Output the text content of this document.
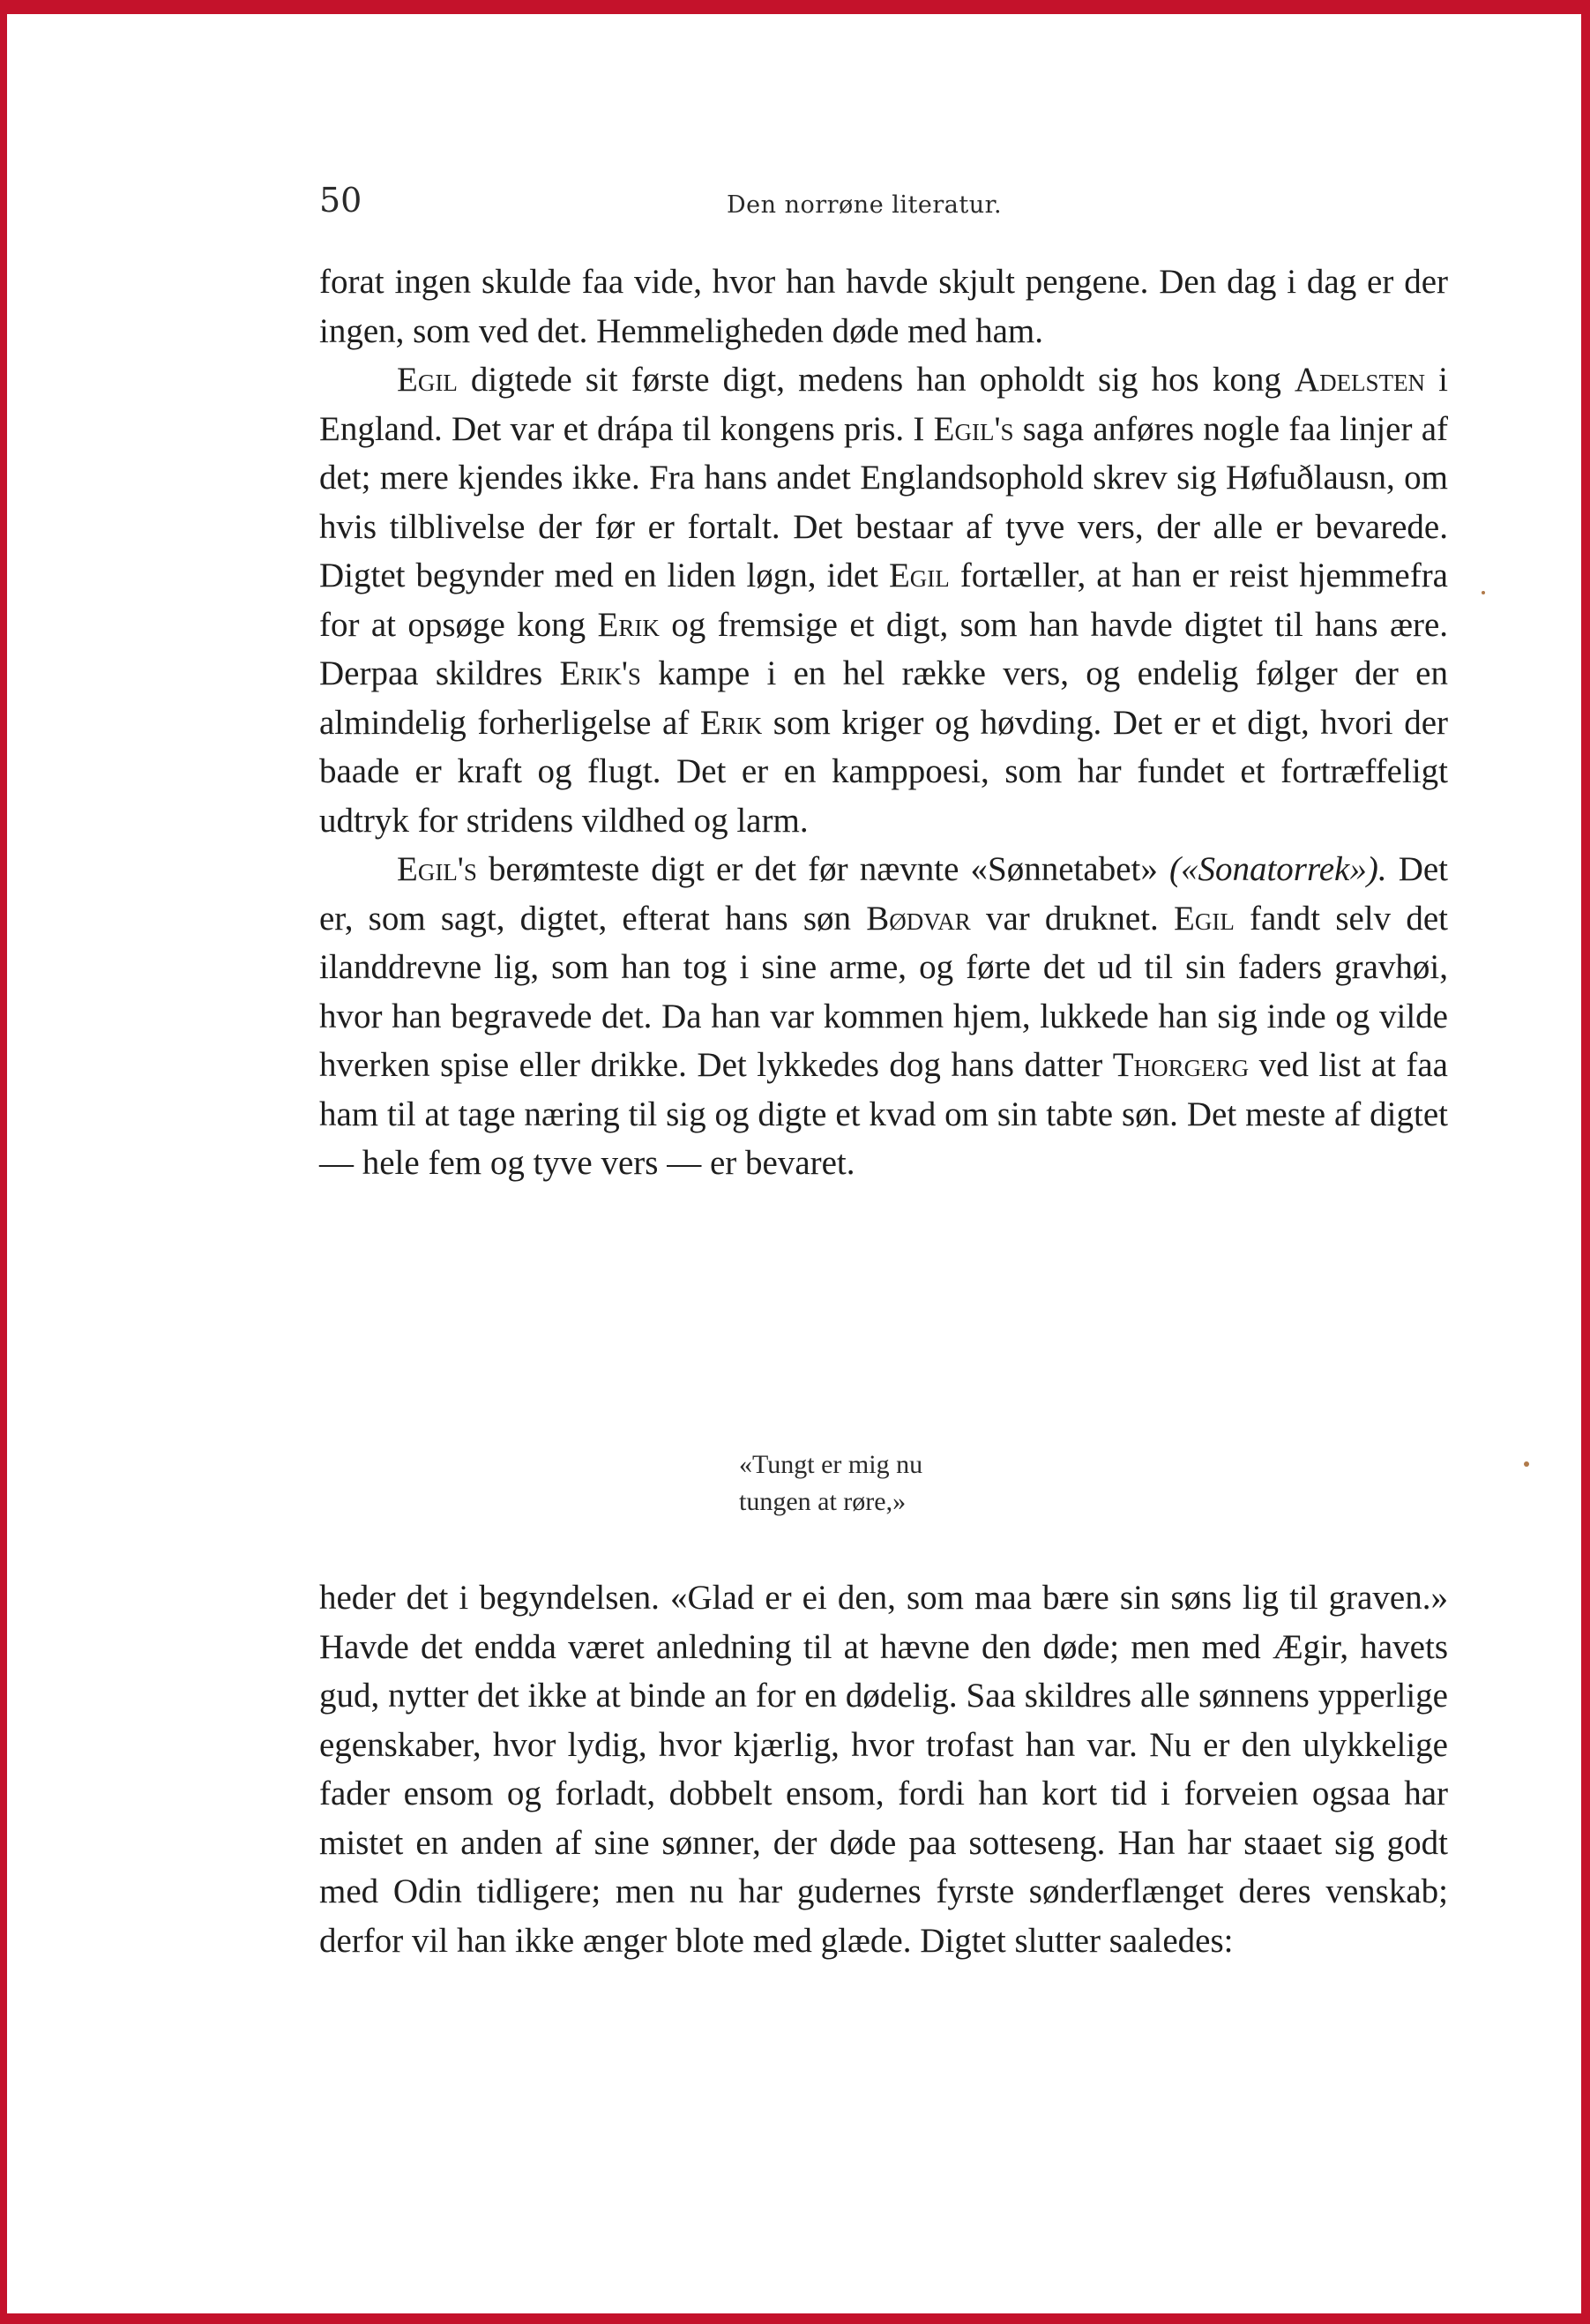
50	Den norrøne literatur.

forat ingen skulde faa vide, hvor han havde skjult pengene. Den dag i dag er der ingen, som ved det. Hemmeligheden døde med ham.

Egil digtede sit første digt, medens han opholdt sig hos kong Adelsten i England. Det var et drápa til kongens pris. I Egil's saga anføres nogle faa linjer af det; mere kjendes ikke. Fra hans andet Englandsophold skrev sig Høfuðlausn, om hvis tilblivelse der før er fortalt. Det bestaar af tyve vers, der alle er bevarede. Digtet begynder med en liden løgn, idet Egil fortæller, at han er reist hjemmefra for at opsøge kong Erik og fremsige et digt, som han havde digtet til hans ære. Derpaa skildres Erik's kampe i en hel række vers, og endelig følger der en almindelig forherligelse af Erik som kriger og høvding. Det er et digt, hvori der baade er kraft og flugt. Det er en kamppoesi, som har fundet et fortræffeligt udtryk for stridens vildhed og larm.

Egil's berømteste digt er det før nævnte «Sønnetabet» («Sonatorrek»). Det er, som sagt, digtet, efterat hans søn Bødvar var druknet. Egil fandt selv det ilanddrevne lig, som han tog i sine arme, og førte det ud til sin faders gravhøi, hvor han begravede det. Da han var kommen hjem, lukkede han sig inde og vilde hverken spise eller drikke. Det lykkedes dog hans datter Thorgerg ved list at faa ham til at tage næring til sig og digte et kvad om sin tabte søn. Det meste af digtet — hele fem og tyve vers — er bevaret.

«Tungt er mig nu
tungen at røre,»

heder det i begyndelsen. «Glad er ei den, som maa bære sin søns lig til graven.» Havde det endda været anledning til at hævne den døde; men med Ægir, havets gud, nytter det ikke at binde an for en dødelig. Saa skildres alle sønnens ypperlige egenskaber, hvor lydig, hvor kjærlig, hvor trofast han var. Nu er den ulykkelige fader ensom og forladt, dobbelt ensom, fordi han kort tid i forveien ogsaa har mistet en anden af sine sønner, der døde paa sotteseng. Han har staaet sig godt med Odin tidligere; men nu har gudernes fyrste sønderflænget deres venskab; derfor vil han ikke ænger blote med glæde. Digtet slutter saaledes:
